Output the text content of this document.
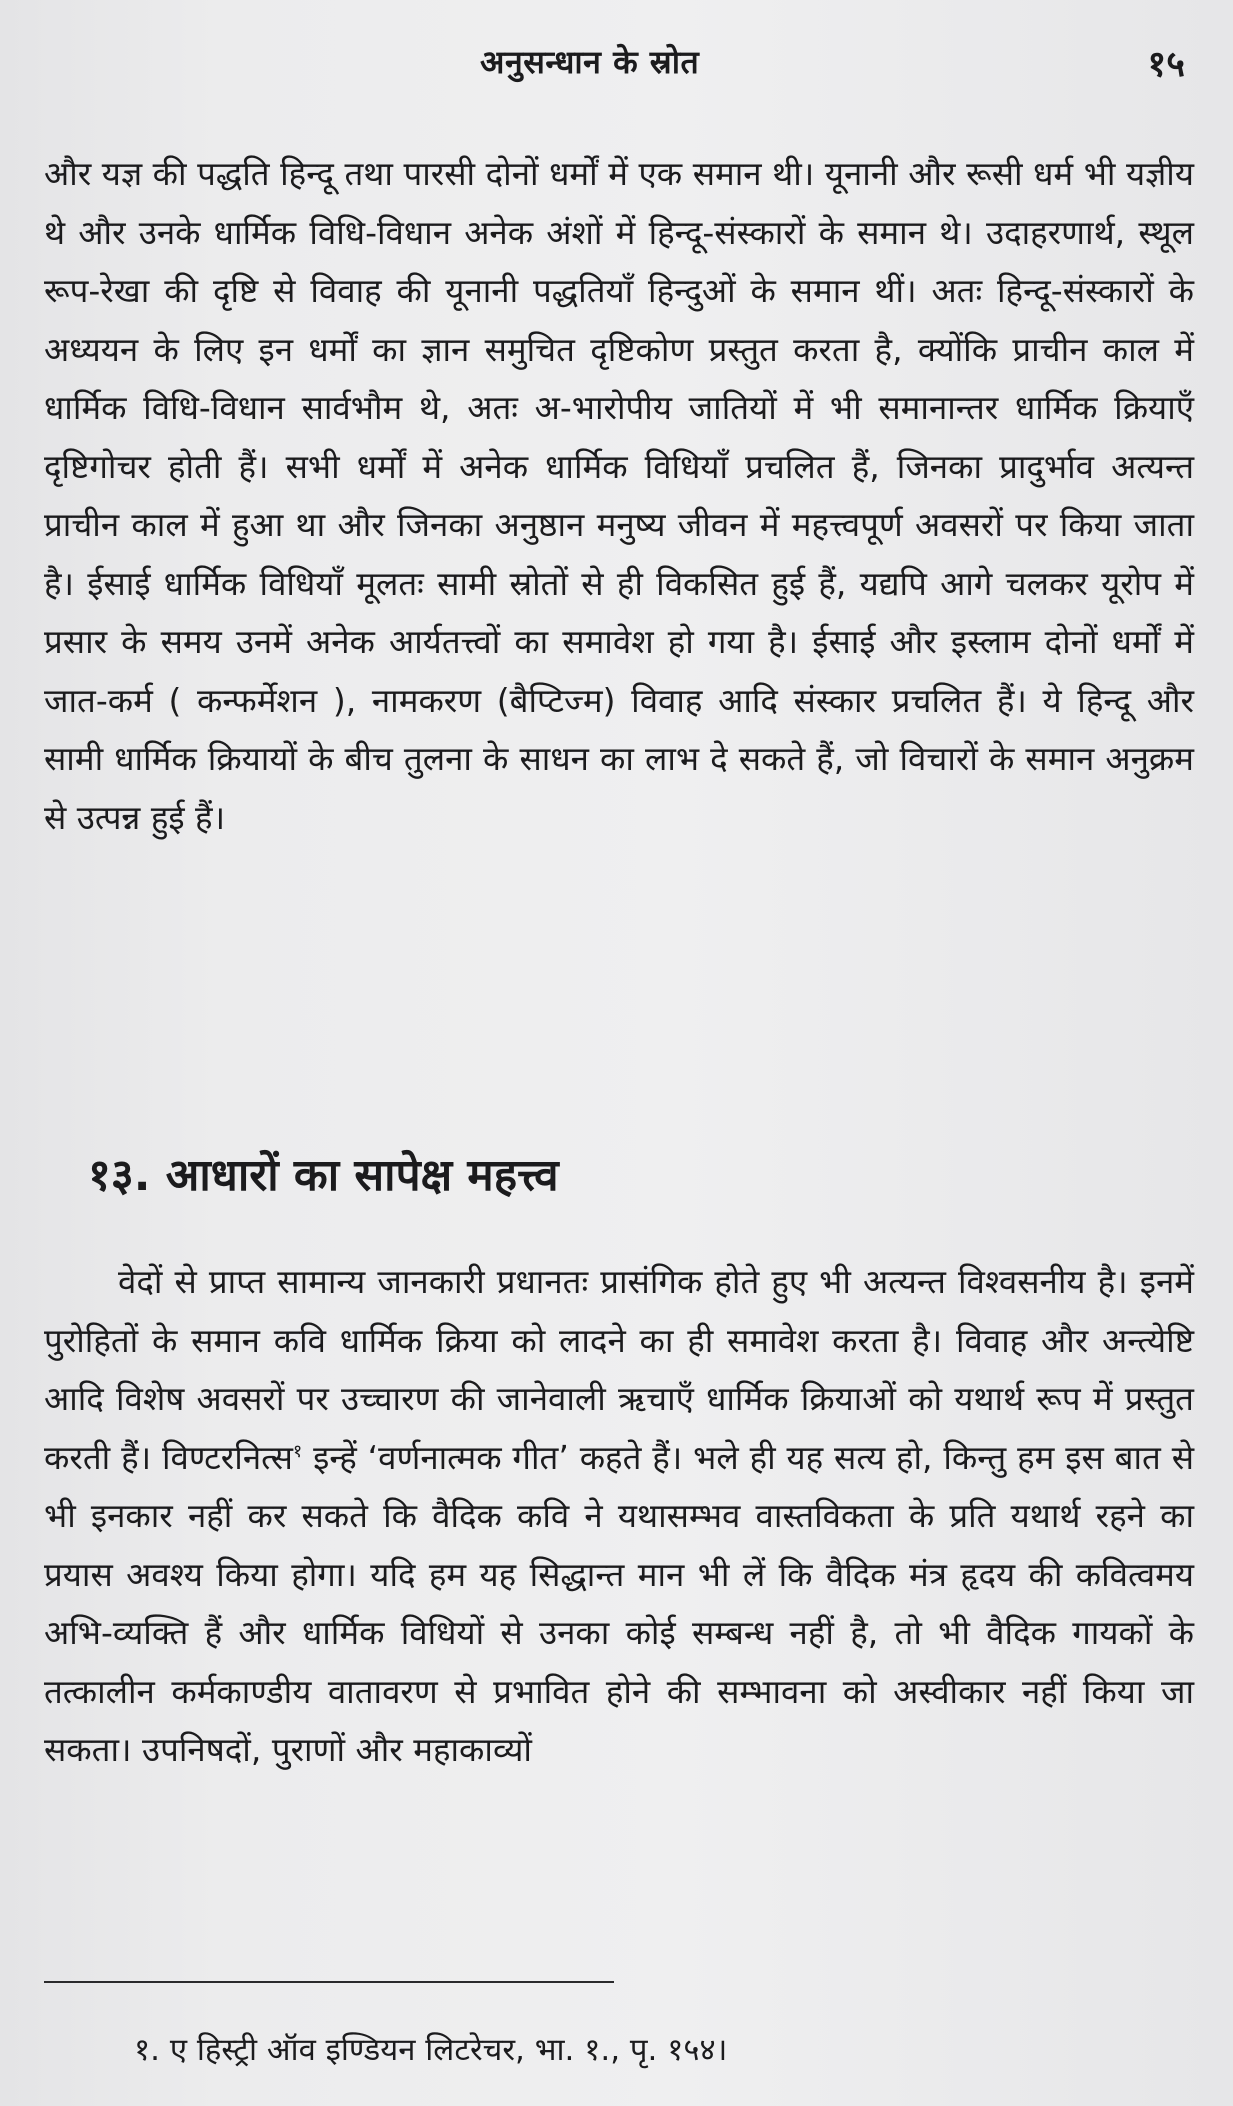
अनुसन्धान के स्रोत	१५

और यज्ञ की पद्धति हिन्दू तथा पारसी दोनों धर्मों में एक समान थी। यूनानी और रूसी धर्म भी यज्ञीय थे और उनके धार्मिक विधि-विधान अनेक अंशों में हिन्दू-संस्कारों के समान थे। उदाहरणार्थ, स्थूल रूप-रेखा की दृष्टि से विवाह की यूनानी पद्धतियाँ हिन्दुओं के समान थीं। अतः हिन्दू-संस्कारों के अध्ययन के लिए इन धर्मों का ज्ञान समुचित दृष्टिकोण प्रस्तुत करता है, क्योंकि प्राचीन काल में धार्मिक विधि-विधान सार्वभौम थे, अतः अ-भारोपीय जातियों में भी समानान्तर धार्मिक क्रियाएँ दृष्टिगोचर होती हैं। सभी धर्मों में अनेक धार्मिक विधियाँ प्रचलित हैं, जिनका प्रादुर्भाव अत्यन्त प्राचीन काल में हुआ था और जिनका अनुष्ठान मनुष्य जीवन में महत्त्वपूर्ण अवसरों पर किया जाता है। ईसाई धार्मिक विधियाँ मूलतः सामी स्रोतों से ही विकसित हुई हैं, यद्यपि आगे चलकर यूरोप में प्रसार के समय उनमें अनेक आर्यतत्त्वों का समावेश हो गया है। ईसाई और इस्लाम दोनों धर्मों में जात-कर्म ( कन्फर्मेशन ), नामकरण (बैप्टिज्म) विवाह आदि संस्कार प्रचलित हैं। ये हिन्दू और सामी धार्मिक क्रियायों के बीच तुलना के साधन का लाभ दे सकते हैं, जो विचारों के समान अनुक्रम से उत्पन्न हुई हैं।

१३. आधारों का सापेक्ष महत्त्व

वेदों से प्राप्त सामान्य जानकारी प्रधानतः प्रासंगिक होते हुए भी अत्यन्त विश्वसनीय है। इनमें पुरोहितों के समान कवि धार्मिक क्रिया को लादने का ही समावेश करता है। विवाह और अन्त्येष्टि आदि विशेष अवसरों पर उच्चारण की जानेवाली ऋचाएँ धार्मिक क्रियाओं को यथार्थ रूप में प्रस्तुत करती हैं। विण्टरनित्स$^१$ इन्हें ‘वर्णनात्मक गीत’ कहते हैं। भले ही यह सत्य हो, किन्तु हम इस बात से भी इनकार नहीं कर सकते कि वैदिक कवि ने यथासम्भव वास्तविकता के प्रति यथार्थ रहने का प्रयास अवश्य किया होगा। यदि हम यह सिद्धान्त मान भी लें कि वैदिक मंत्र हृदय की कवित्वमय अभि-व्यक्ति हैं और धार्मिक विधियों से उनका कोई सम्बन्ध नहीं है, तो भी वैदिक गायकों के तत्कालीन कर्मकाण्डीय वातावरण से प्रभावित होने की सम्भावना को अस्वीकार नहीं किया जा सकता। उपनिषदों, पुराणों और महाकाव्यों

१. ए हिस्ट्री ऑव इण्डियन लिटरेचर, भा. १., पृ. १५४।
